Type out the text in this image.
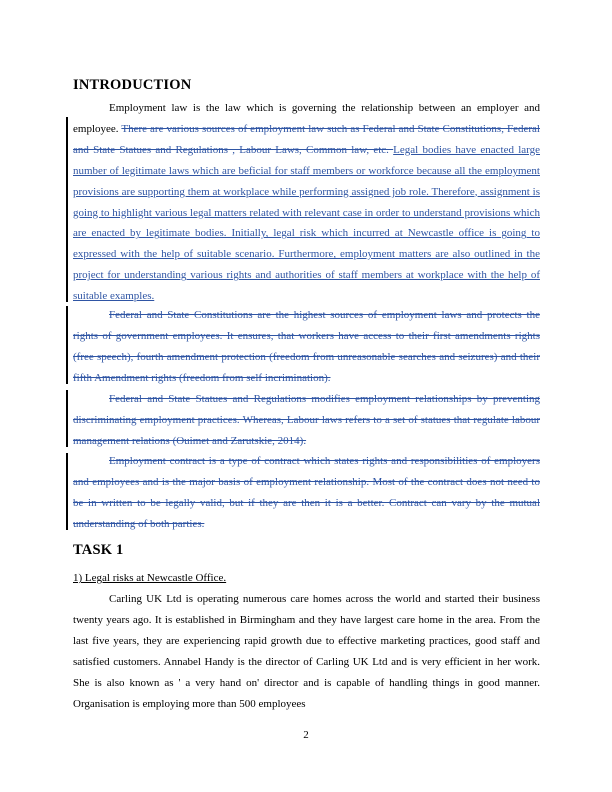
INTRODUCTION
Employment law is the law which is governing the relationship between an employer and employee. There are various sources of employment law such as Federal and State Constitutions, Federal and State Statues and Regulations , Labour Laws, Common law, etc. Legal bodies have enacted large number of legitimate laws which are beficial for staff members or workforce because all the employment provisions are supporting them at workplace while performing assigned job role. Therefore, assignment is going to highlight various legal matters related with relevant case in order to understand provisions which are enacted by legitimate bodies. Initially, legal risk which incurred at Newcastle office is going to expressed with the help of suitable scenario. Furthermore, employment matters are also outlined in the project for understanding various rights and authorities of staff members at workplace with the help of suitable examples.
Federal and State Constitutions are the highest sources of employment laws and protects the rights of government employees. It ensures, that workers have access to their first amendments rights (free speech), fourth amendment protection (freedom from unreasonable searches and seizures) and their fifth Amendment rights (freedom from self incrimination).
Federal and State Statues and Regulations modifies employment relationships by preventing discriminating employment practices. Whereas, Labour laws refers to a set of statues that regulate labour management relations (Ouimet and Zarutskie, 2014).
Employment contract is a type of contract which states rights and responsibilities of employers and employees and is the major basis of employment relationship. Most of the contract does not need to be in written to be legally valid, but if they are then it is a better. Contract can vary by the mutual understanding of both parties.
TASK 1
1) Legal risks at Newcastle Office.
Carling UK Ltd is operating numerous care homes across the world and started their business twenty years ago. It is established in Birmingham and they have largest care home in the area. From the last five years, they are experiencing rapid growth due to effective marketing practices, good staff and satisfied customers. Annabel Handy is the director of Carling UK Ltd and is very efficient in her work. She is also known as ' a very hand on' director and is capable of handling things in good manner. Organisation is employing more than 500 employees
2
